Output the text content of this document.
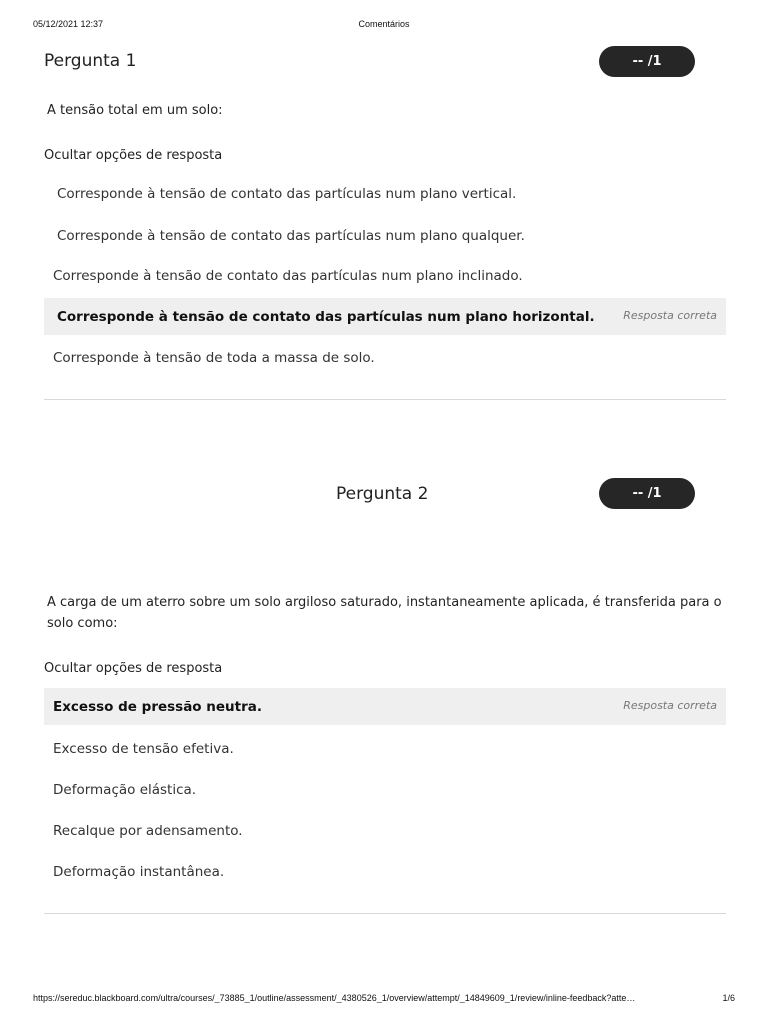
05/12/2021 12:37	Comentários
Pergunta 1	-- /1
A tensão total em um solo:
Ocultar opções de resposta
Corresponde à tensão de contato das partículas num plano vertical.
Corresponde à tensão de contato das partículas num plano qualquer.
Corresponde à tensão de contato das partículas num plano inclinado.
Corresponde à tensão de contato das partículas num plano horizontal.	Resposta correta
Corresponde à tensão de toda a massa de solo.
Pergunta 2	-- /1
A carga de um aterro sobre um solo argiloso saturado, instantaneamente aplicada, é transferida para o solo como:
Ocultar opções de resposta
Excesso de pressão neutra.	Resposta correta
Excesso de tensão efetiva.
Deformação elástica.
Recalque por adensamento.
Deformação instantânea.
https://sereduc.blackboard.com/ultra/courses/_73885_1/outline/assessment/_4380526_1/overview/attempt/_14849609_1/review/inline-feedback?atte…	1/6
